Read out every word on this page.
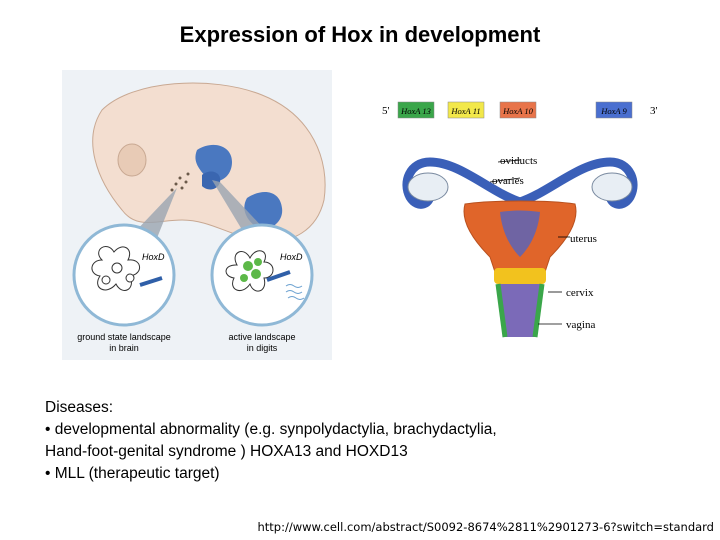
Expression of Hox in development
HoxD	HoxD
ground state landscape
in brain
active landscape
in digits
5' HoxA 13 HoxA 11	HoxA 10	HoxA 9 3'
oviducts
ovaries
uterus
cervix
vagina
Diseases:
• developmental abnormality (e.g. synpolydactylia, brachydactylia,
Hand‑foot‑genital syndrome ) HOXA13 and HOXD13
• MLL (therapeutic target)
http://www.cell.com/abstract/S0092-8674%2811%2901273-6?switch=standard
